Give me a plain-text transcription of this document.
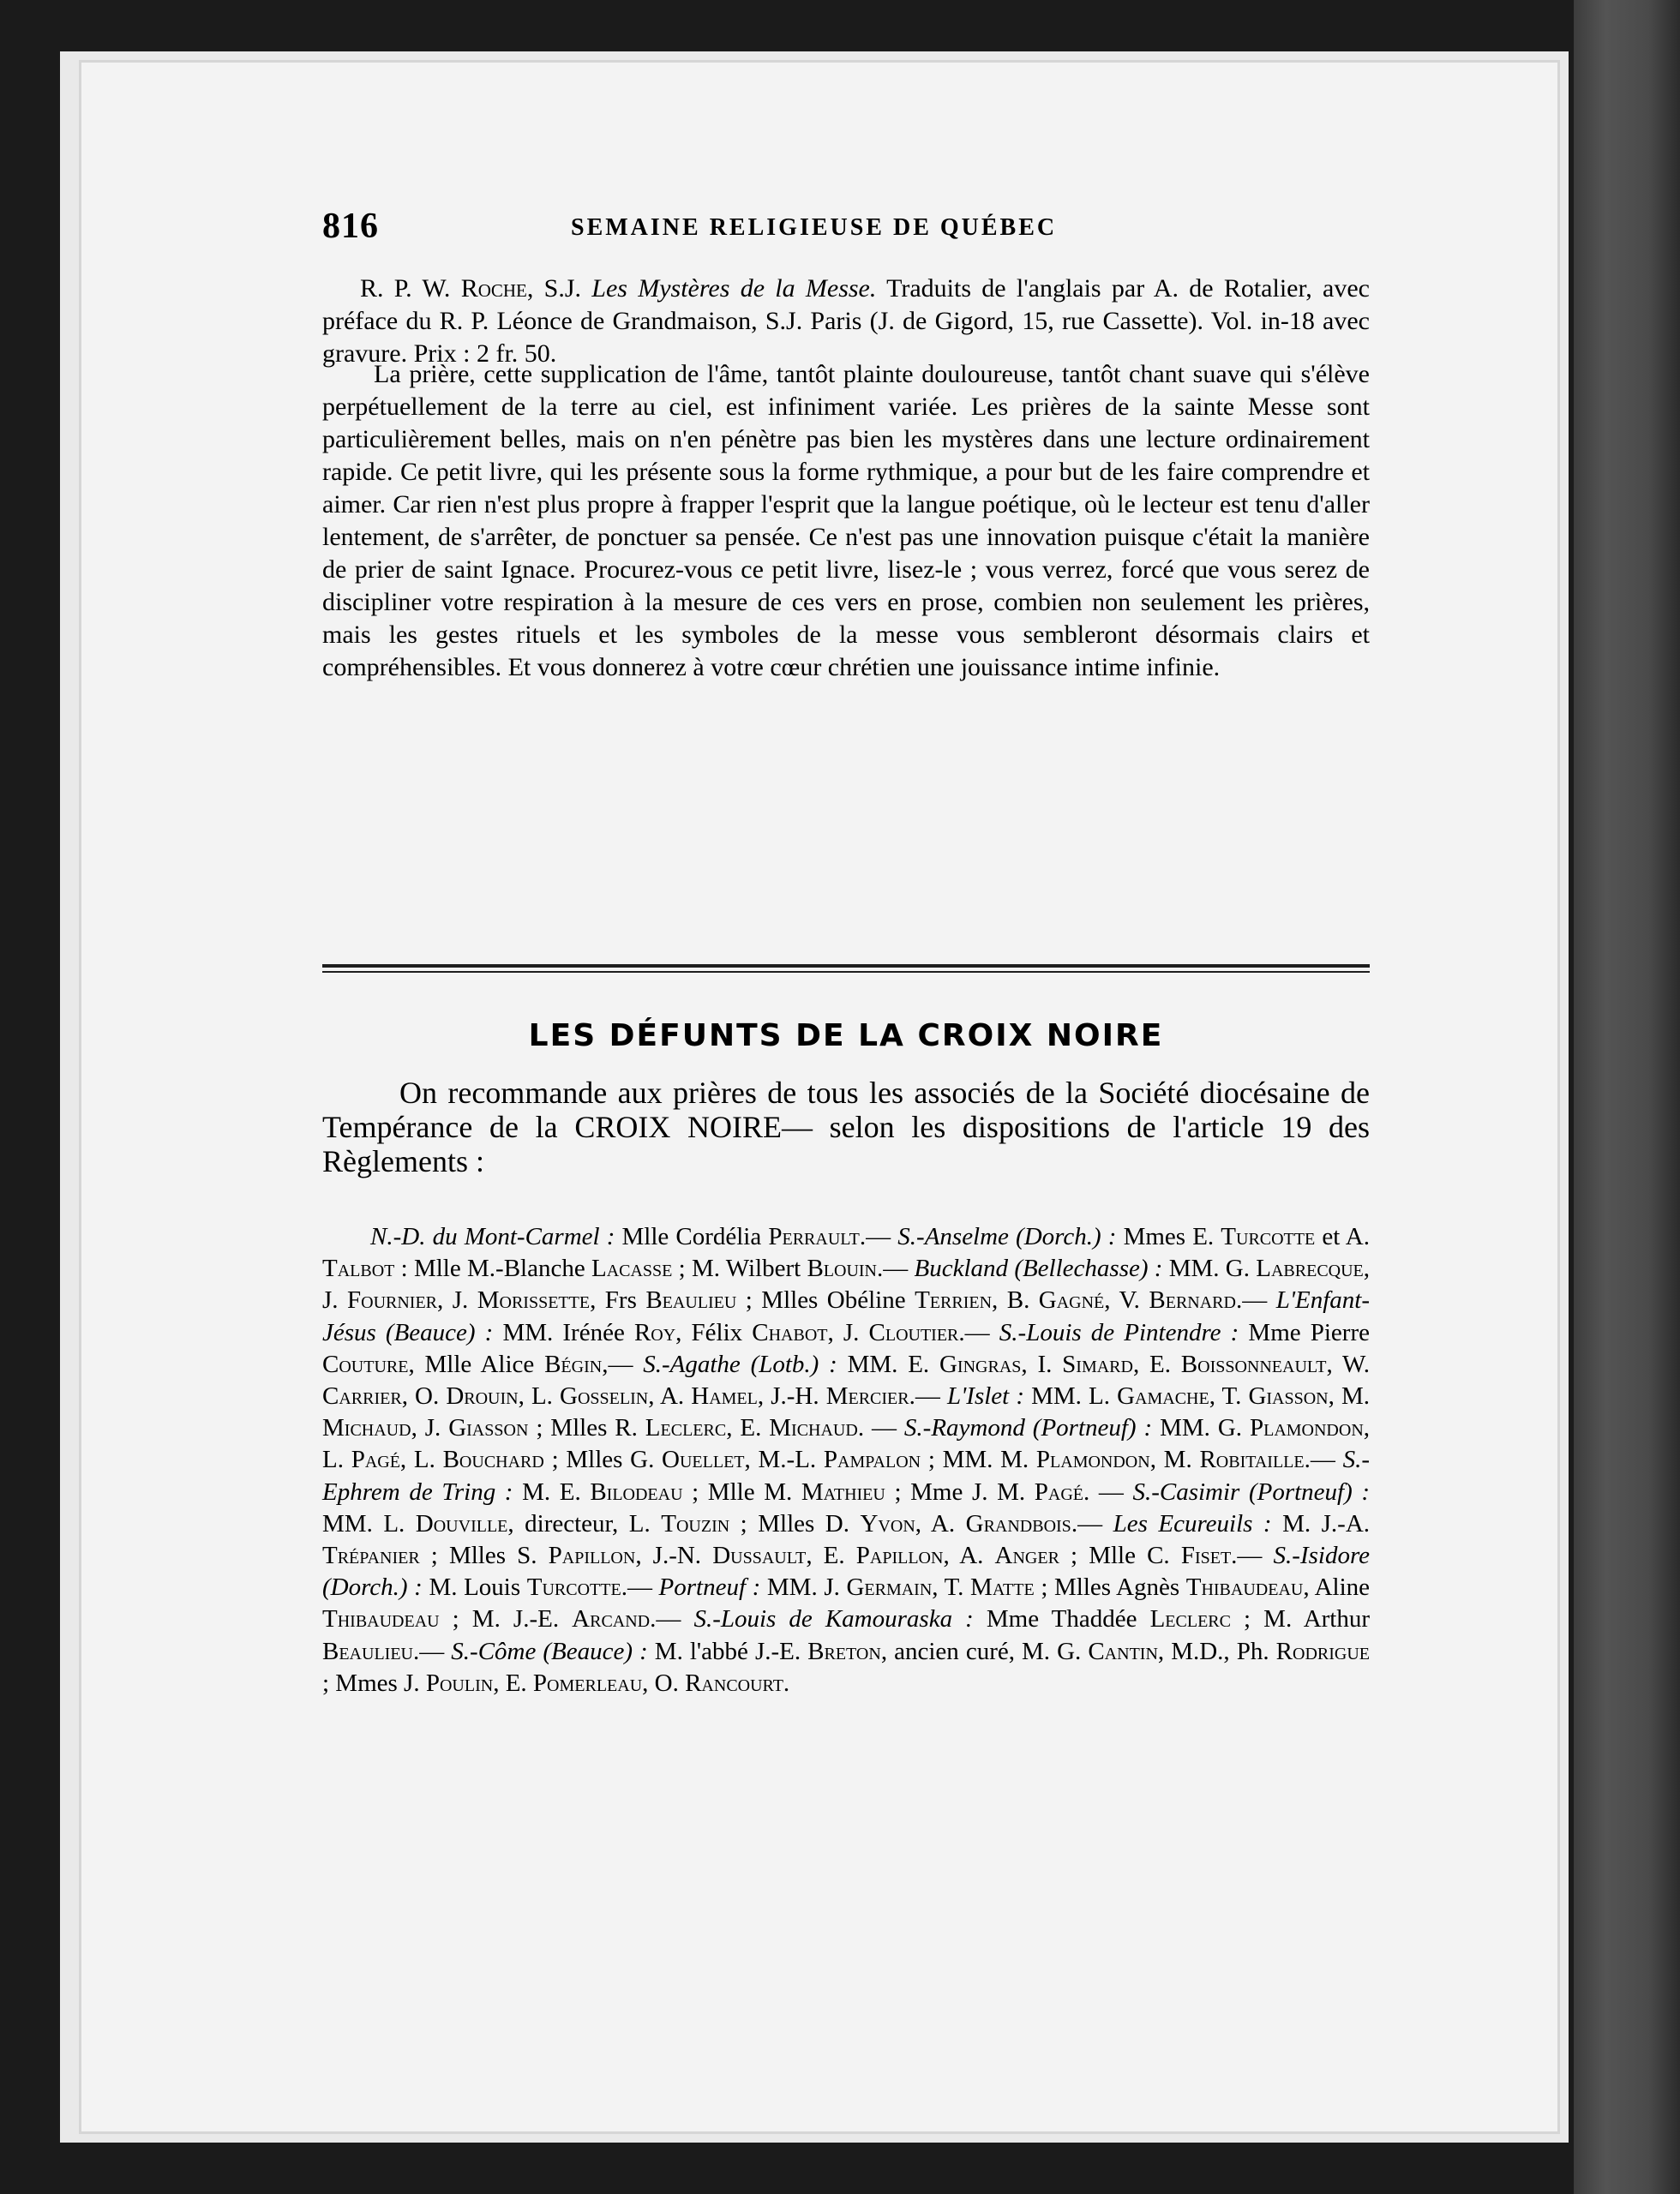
816	SEMAINE RELIGIEUSE DE QUÉBEC
R. P. W. Roche, S.J. Les Mystères de la Messe. Traduits de l'anglais par A. de Rotalier, avec préface du R. P. Léonce de Grandmaison, S.J. Paris (J. de Gigord, 15, rue Cassette). Vol. in-18 avec gravure. Prix : 2 fr. 50.
La prière, cette supplication de l'âme, tantôt plainte douloureuse, tantôt chant suave qui s'élève perpétuellement de la terre au ciel, est infiniment variée. Les prières de la sainte Messe sont particulièrement belles, mais on n'en pénètre pas bien les mystères dans une lecture ordinairement rapide. Ce petit livre, qui les présente sous la forme rythmique, a pour but de les faire comprendre et aimer. Car rien n'est plus propre à frapper l'esprit que la langue poétique, où le lecteur est tenu d'aller lentement, de s'arrêter, de ponctuer sa pensée. Ce n'est pas une innovation puisque c'était la manière de prier de saint Ignace. Procurez-vous ce petit livre, lisez-le ; vous verrez, forcé que vous serez de discipliner votre respiration à la mesure de ces vers en prose, combien non seulement les prières, mais les gestes rituels et les symboles de la messe vous sembleront désormais clairs et compréhensibles. Et vous donnerez à votre cœur chrétien une jouissance intime infinie.
LES DÉFUNTS DE LA CROIX NOIRE
On recommande aux prières de tous les associés de la Société diocésaine de Tempérance de la CROIX NOIRE— selon les dispositions de l'article 19 des Règlements :
N.-D. du Mont-Carmel : Mlle Cordélia Perrault.— S.-Anselme (Dorch.) : Mmes E. Turcotte et A. Talbot : Mlle M.-Blanche Lacasse ; M. Wilbert Blouin.— Buckland (Bellechasse) : MM. G. Labrecque, J. Fournier, J. Morissette, Frs Beaulieu ; Mlles Obéline Terrien, B. Gagné, V. Bernard.— L'Enfant-Jésus (Beauce) : MM. Irénée Roy, Félix Chabot, J. Cloutier.— S.-Louis de Pintendre : Mme Pierre Couture, Mlle Alice Bégin,— S.-Agathe (Lotb.) : MM. E. Gingras, I. Simard, E. Boissonneault, W. Carrier, O. Drouin, L. Gosselin, A. Hamel, J.-H. Mercier.— L'Islet : MM. L. Gamache, T. Giasson, M. Michaud, J. Giasson ; Mlles R. Leclerc, E. Michaud. — S.-Raymond (Portneuf) : MM. G. Plamondon, L. Pagé, L. Bouchard ; Mlles G. Ouellet, M.-L. Pampalon ; MM. M. Plamondon, M. Robitaille.— S.-Ephrem de Tring : M. E. Bilodeau ; Mlle M. Mathieu ; Mme J. M. Pagé. — S.-Casimir (Portneuf) : MM. L. Douville, directeur, L. Touzin ; Mlles D. Yvon, A. Grandbois.— Les Ecureuils : M. J.-A. Trépanier ; Mlles S. Papillon, J.-N. Dussault, E. Papillon, A. Anger ; Mlle C. Fiset.— S.-Isidore (Dorch.) : M. Louis Turcotte.— Portneuf : MM. J. Germain, T. Matte ; Mlles Agnès Thibaudeau, Aline Thibaudeau ; M. J.-E. Arcand.— S.-Louis de Kamouraska : Mme Thaddée Leclerc ; M. Arthur Beaulieu.— S.-Côme (Beauce) : M. l'abbé J.-E. Breton, ancien curé, M. G. Cantin, M.D., Ph. Rodrigue ; Mmes J. Poulin, E. Pomerleau, O. Rancourt.
